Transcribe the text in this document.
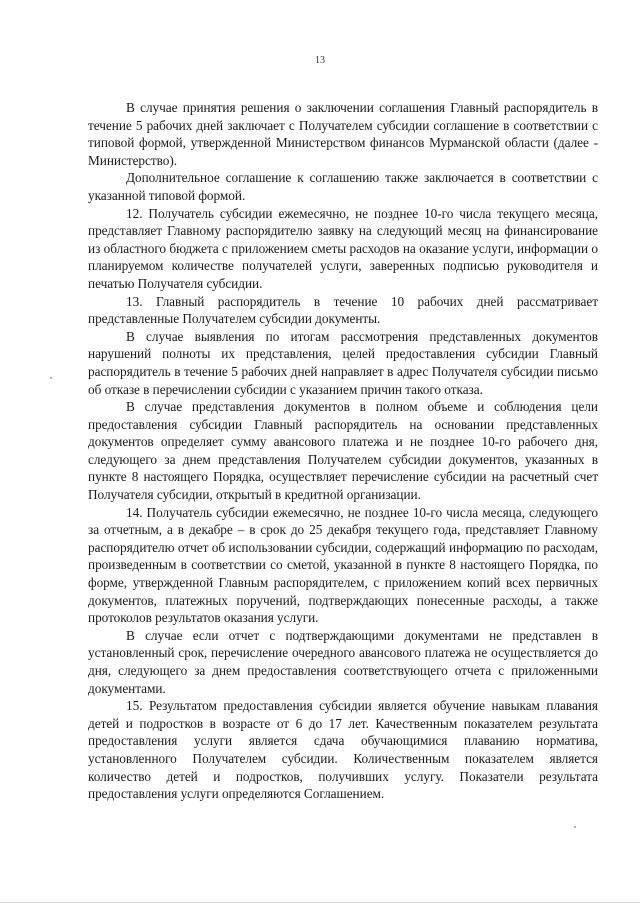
13

В случае принятия решения о заключении соглашения Главный распорядитель в течение 5 рабочих дней заключает с Получателем субсидии соглашение в соответствии с типовой формой, утвержденной Министерством финансов Мурманской области (далее - Министерство).

Дополнительное соглашение к соглашению также заключается в соответствии с указанной типовой формой.

12. Получатель субсидии ежемесячно, не позднее 10-го числа текущего месяца, представляет Главному распорядителю заявку на следующий месяц на финансирование из областного бюджета с приложением сметы расходов на оказание услуги, информации о планируемом количестве получателей услуги, заверенных подписью руководителя и печатью Получателя субсидии.

13. Главный распорядитель в течение 10 рабочих дней рассматривает представленные Получателем субсидии документы.

В случае выявления по итогам рассмотрения представленных документов нарушений полноты их представления, целей предоставления субсидии Главный распорядитель в течение 5 рабочих дней направляет в адрес Получателя субсидии письмо об отказе в перечислении субсидии с указанием причин такого отказа.

В случае представления документов в полном объеме и соблюдения цели предоставления субсидии Главный распорядитель на основании представленных документов определяет сумму авансового платежа и не позднее 10-го рабочего дня, следующего за днем представления Получателем субсидии документов, указанных в пункте 8 настоящего Порядка, осуществляет перечисление субсидии на расчетный счет Получателя субсидии, открытый в кредитной организации.

14. Получатель субсидии ежемесячно, не позднее 10-го числа месяца, следующего за отчетным, а в декабре – в срок до 25 декабря текущего года, представляет Главному распорядителю отчет об использовании субсидии, содержащий информацию по расходам, произведенным в соответствии со сметой, указанной в пункте 8 настоящего Порядка, по форме, утвержденной Главным распорядителем, с приложением копий всех первичных документов, платежных поручений, подтверждающих понесенные расходы, а также протоколов результатов оказания услуги.

В случае если отчет с подтверждающими документами не представлен в установленный срок, перечисление очередного авансового платежа не осуществляется до дня, следующего за днем предоставления соответствующего отчета с приложенными документами.

15. Результатом предоставления субсидии является обучение навыкам плавания детей и подростков в возрасте от 6 до 17 лет. Качественным показателем результата предоставления услуги является сдача обучающимися плаванию норматива, установленного Получателем субсидии. Количественным показателем является количество детей и подростков, получивших услугу. Показатели результата предоставления услуги определяются Соглашением.
